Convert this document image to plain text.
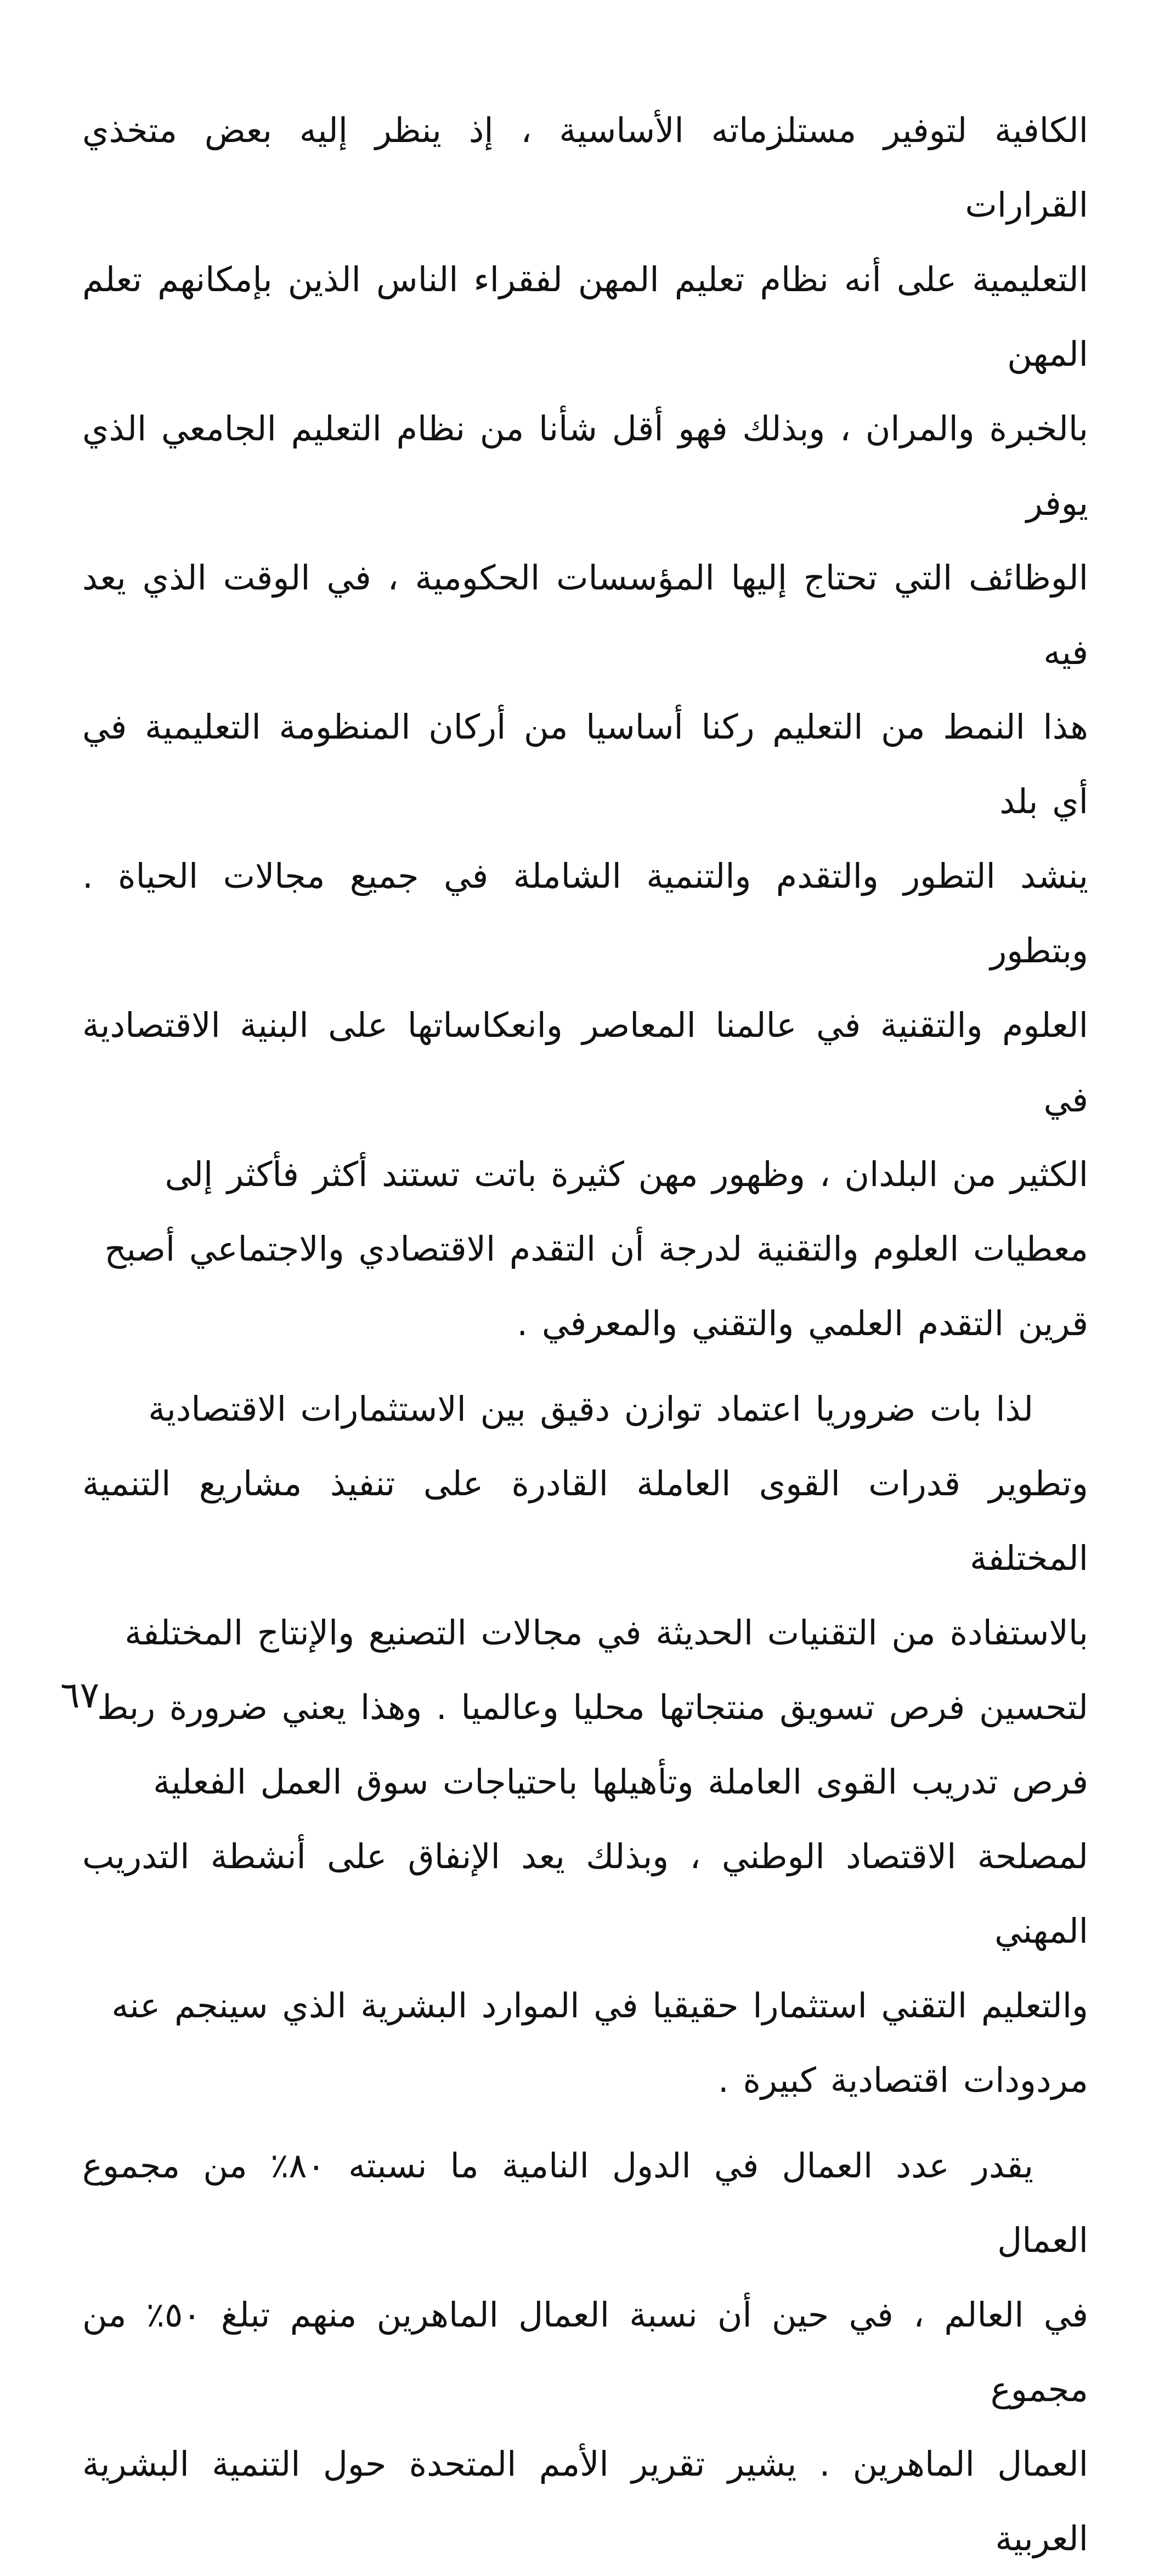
الكافية لتوفير مستلزماته الأساسية ، إذ ينظر إليه بعض متخذي القرارات
التعليمية على أنه نظام تعليم المهن لفقراء الناس الذين بإمكانهم تعلم المهن
بالخبرة والمران ، وبذلك فهو أقل شأنا من نظام التعليم الجامعي الذي يوفر
الوظائف التي تحتاج إليها المؤسسات الحكومية ، في الوقت الذي يعد فيه
هذا النمط من التعليم ركنا أساسيا من أركان المنظومة التعليمية في أي بلد
ينشد التطور والتقدم والتنمية الشاملة في جميع مجالات الحياة . وبتطور
العلوم والتقنية في عالمنا المعاصر وانعكاساتها على البنية الاقتصادية في
الكثير من البلدان ، وظهور مهن كثيرة باتت تستند أكثر فأكثر إلى
معطيات العلوم والتقنية لدرجة أن التقدم الاقتصادي والاجتماعي أصبح
قرين التقدم العلمي والتقني والمعرفي .

لذا بات ضروريا اعتماد توازن دقيق بين الاستثمارات الاقتصادية
وتطوير قدرات القوى العاملة القادرة على تنفيذ مشاريع التنمية المختلفة
بالاستفادة من التقنيات الحديثة في مجالات التصنيع والإنتاج المختلفة
لتحسين فرص تسويق منتجاتها محليا وعالميا . وهذا يعني ضرورة ربط
فرص تدريب القوى العاملة وتأهيلها باحتياجات سوق العمل الفعلية
لمصلحة الاقتصاد الوطني ، وبذلك يعد الإنفاق على أنشطة التدريب المهني
والتعليم التقني استثمارا حقيقيا في الموارد البشرية الذي سينجم عنه
مردودات اقتصادية كبيرة .

يقدر عدد العمال في الدول النامية ما نسبته ٨٠٪ من مجموع العمال
في العالم ، في حين أن نسبة العمال الماهرين منهم تبلغ ٥٠٪ من مجموع
العمال الماهرين . يشير تقرير الأمم المتحدة حول التنمية البشرية العربية

٦٧
